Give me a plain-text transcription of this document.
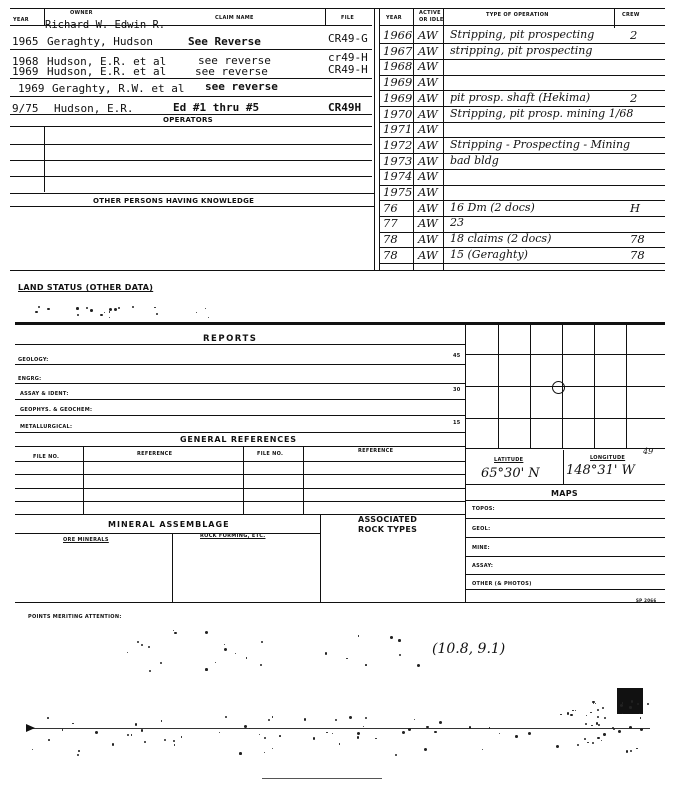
YEAR
OWNER
CLAIM NAME	FILE	YEAR
ACTIVE
OR IDLE
TYPE OF OPERATION	CREW
Richard W. Edwin R.
1965 Geraghty, Hudson	See Reverse	CR49-G
1968 Hudson, E.R. et al	see reverse	cr49-H
1969 Hudson, E.R. et al	see reverse	CR49-H
1969 Geraghty, R.W. et al see reverse
9/75 Hudson, E.R.	Ed #1 thru #5	CR49H
OPERATORS
OTHER PERSONS HAVING KNOWLEDGE
1966 AW Stripping, pit prospecting	2
1967 AW stripping, pit prospecting
1968 AW
1969 AW
1969 AW pit prosp. shaft (Hekima)	2
1970 AW Stripping, pit prosp. mining 1/68
1971 AW
1972 AW Stripping - Prospecting - Mining
1973 AW bad bldg
1974 AW
1975 AW
76 AW 16 Dm (2 docs)	H
77 AW 23
78 AW 18 claims (2 docs)	78
78 AW 15 (Geraghty)	78
LAND STATUS (OTHER DATA)
REPORTS
GEOLOGY:
45
ENGRG:
ASSAY & IDENT:
30
GEOPHYS. & GEOCHEM:
METALLURGICAL:
15
GENERAL REFERENCES
FILE NO.	REFERENCE	FILE NO.	REFERENCE
LATITUDE	LONGITUDE
49
65°30' N 148°31' W
MAPS
TOPOS:
GEOL:
MINE:
ASSAY:
OTHER (& PHOTOS)
MINERAL ASSEMBLAGE
ASSOCIATED
ROCK TYPES
ORE MINERALS
ROCK FORMING, ETC.
SP 2066
POINTS MERITING ATTENTION:
(10.8, 9.1)
